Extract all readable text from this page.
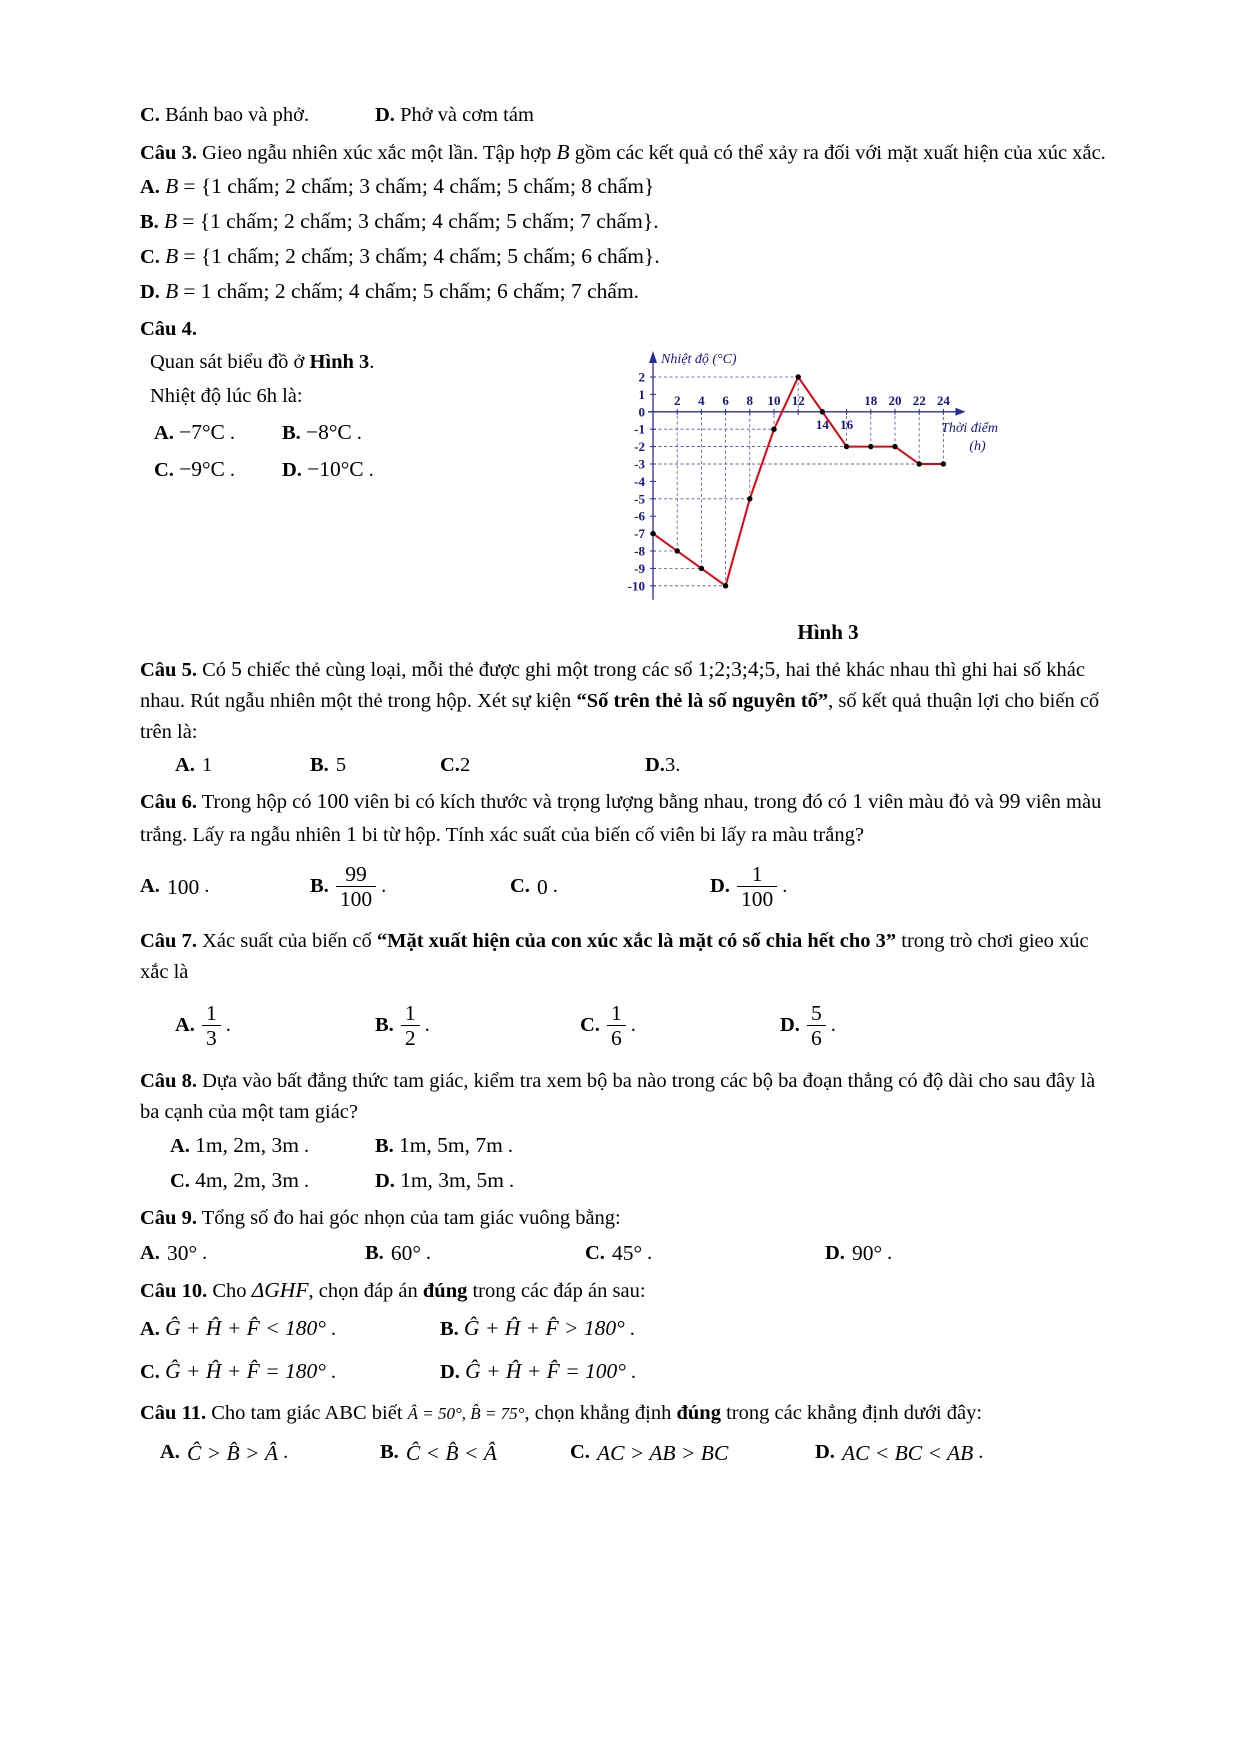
C. Bánh bao và phở.	D. Phở và cơm tám

Câu 3. Gieo ngẫu nhiên xúc xắc một lần. Tập hợp B gồm các kết quả có thể xảy ra đối với mặt xuất hiện của xúc xắc.

A. B = {1 chấm; 2 chấm; 3 chấm; 4 chấm; 5 chấm; 8 chấm}

B. B = {1 chấm; 2 chấm; 3 chấm; 4 chấm; 5 chấm; 7 chấm}.

C. B = {1 chấm; 2 chấm; 3 chấm; 4 chấm; 5 chấm; 6 chấm}.

D. B = 1 chấm; 2 chấm; 4 chấm; 5 chấm; 6 chấm; 7 chấm.

Câu 4.

Quan sát biểu đồ ở Hình 3.

Nhiệt độ lúc 6h là:

A. −7°C . B. −8°C .

C. −9°C . D. −10°C .

2
1
0
-1
-2
-3
-4
-5
-6
-7
-8
-9
-10
2 4 6 8 10 12
14 16
18 20 22 24
Nhiệt độ (°C)
Thời điểm
(h)
Hình 3

Câu 5. Có 5 chiếc thẻ cùng loại, mỗi thẻ được ghi một trong các số 1;2;3;4;5, hai thẻ khác nhau thì ghi hai số khác nhau. Rút ngẫu nhiên một thẻ trong hộp. Xét sự kiện “Số trên thẻ là số nguyên tố”, số kết quả thuận lợi cho biến cố trên là:

A. 1	B. 5	C. 2	D. 3.

Câu 6. Trong hộp có 100 viên bi có kích thước và trọng lượng bằng nhau, trong đó có 1 viên màu đỏ và 99 viên màu trắng. Lấy ra ngẫu nhiên 1 bi từ hộp. Tính xác suất của biến cố viên bi lấy ra màu trắng?

A. 100 .	B. $\frac{99}{100}$ .	C. 0 .	D. $\frac{1}{100}$ .

Câu 7. Xác suất của biến cố “Mặt xuất hiện của con xúc xắc là mặt có số chia hết cho 3” trong trò chơi gieo xúc xắc là

A. $\frac{1}{3}$ .	B. $\frac{1}{2}$ .	C. $\frac{1}{6}$ .	D. $\frac{5}{6}$ .

Câu 8. Dựa vào bất đẳng thức tam giác, kiểm tra xem bộ ba nào trong các bộ ba đoạn thẳng có độ dài cho sau đây là ba cạnh của một tam giác?

A. 1m, 2m, 3m .	B. 1m, 5m, 7m .

C. 4m, 2m, 3m .	D. 1m, 3m, 5m .

Câu 9. Tổng số đo hai góc nhọn của tam giác vuông bằng:

A. 30° .	B. 60° .	C. 45° .	D. 90° .

Câu 10. Cho ΔGHF, chọn đáp án đúng trong các đáp án sau:

A. Ĝ + Ĥ + F̂ < 180° .	B. Ĝ + Ĥ + F̂ > 180° .

C. Ĝ + Ĥ + F̂ = 180° .	D. Ĝ + Ĥ + F̂ = 100° .

Câu 11. Cho tam giác ABC biết Â = 50°, B̂ = 75°, chọn khẳng định đúng trong các khẳng định dưới đây:

A. Ĉ > B̂ > Â .	B. Ĉ < B̂ < Â	C. AC > AB > BC	D. AC < BC < AB .
